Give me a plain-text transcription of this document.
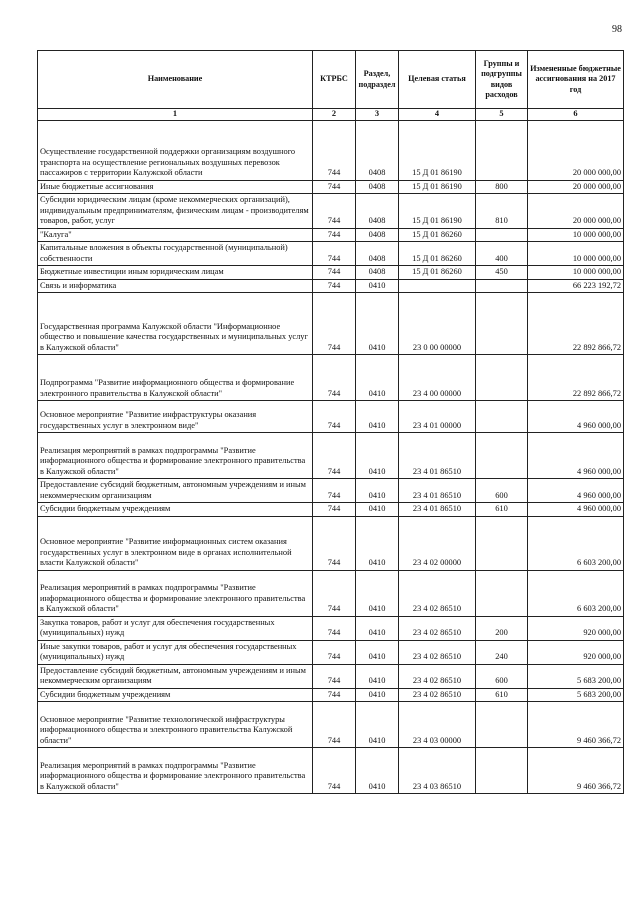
98
Наименование	КТРБС	Раздел, подраздел	Целевая статья	Группы и подгруппы видов расходов	Измененные бюджетные ассигнования на 2017 год
1	2	3	4	5	6
Осуществление государственной поддержки организациям воздушного транспорта на осуществление региональных воздушных перевозок пассажиров с территории Калужской области	744	0408	15 Д 01 86190		20 000 000,00
Иные бюджетные ассигнования	744	0408	15 Д 01 86190	800	20 000 000,00
Субсидии юридическим лицам (кроме некоммерческих организаций), индивидуальным предпринимателям, физическим лицам - производителям товаров, работ, услуг	744	0408	15 Д 01 86190	810	20 000 000,00
"Калуга"	744	0408	15 Д 01 86260		10 000 000,00
Капитальные вложения в объекты государственной (муниципальной) собственности	744	0408	15 Д 01 86260	400	10 000 000,00
Бюджетные инвестиции иным юридическим лицам	744	0408	15 Д 01 86260	450	10 000 000,00
Связь и информатика	744	0410			66 223 192,72
Государственная программа Калужской области "Информационное общество и повышение качества государственных и муниципальных услуг в Калужской области"	744	0410	23 0 00 00000		22 892 866,72
Подпрограмма "Развитие информационного общества и формирование электронного правительства в Калужской области"	744	0410	23 4 00 00000		22 892 866,72
Основное мероприятие "Развитие инфраструктуры оказания государственных услуг в электронном виде"	744	0410	23 4 01 00000		4 960 000,00
Реализация мероприятий в рамках подпрограммы "Развитие информационного общества и формирование электронного правительства в Калужской области"	744	0410	23 4 01 86510		4 960 000,00
Предоставление субсидий бюджетным, автономным учреждениям и иным некоммерческим организациям	744	0410	23 4 01 86510	600	4 960 000,00
Субсидии бюджетным учреждениям	744	0410	23 4 01 86510	610	4 960 000,00
Основное мероприятие "Развитие информационных систем оказания государственных услуг в электронном виде в органах исполнительной власти Калужской области"	744	0410	23 4 02 00000		6 603 200,00
Реализация мероприятий в рамках подпрограммы "Развитие информационного общества и формирование электронного правительства в Калужской области"	744	0410	23 4 02 86510		6 603 200,00
Закупка товаров, работ и услуг для обеспечения государственных (муниципальных) нужд	744	0410	23 4 02 86510	200	920 000,00
Иные закупки товаров, работ и услуг для обеспечения государственных (муниципальных) нужд	744	0410	23 4 02 86510	240	920 000,00
Предоставление субсидий бюджетным, автономным учреждениям и иным некоммерческим организациям	744	0410	23 4 02 86510	600	5 683 200,00
Субсидии бюджетным учреждениям	744	0410	23 4 02 86510	610	5 683 200,00
Основное мероприятие "Развитие технологической инфраструктуры информационного общества и электронного правительства Калужской области"	744	0410	23 4 03 00000		9 460 366,72
Реализация мероприятий в рамках подпрограммы "Развитие информационного общества и формирование электронного правительства в Калужской области"	744	0410	23 4 03 86510		9 460 366,72
